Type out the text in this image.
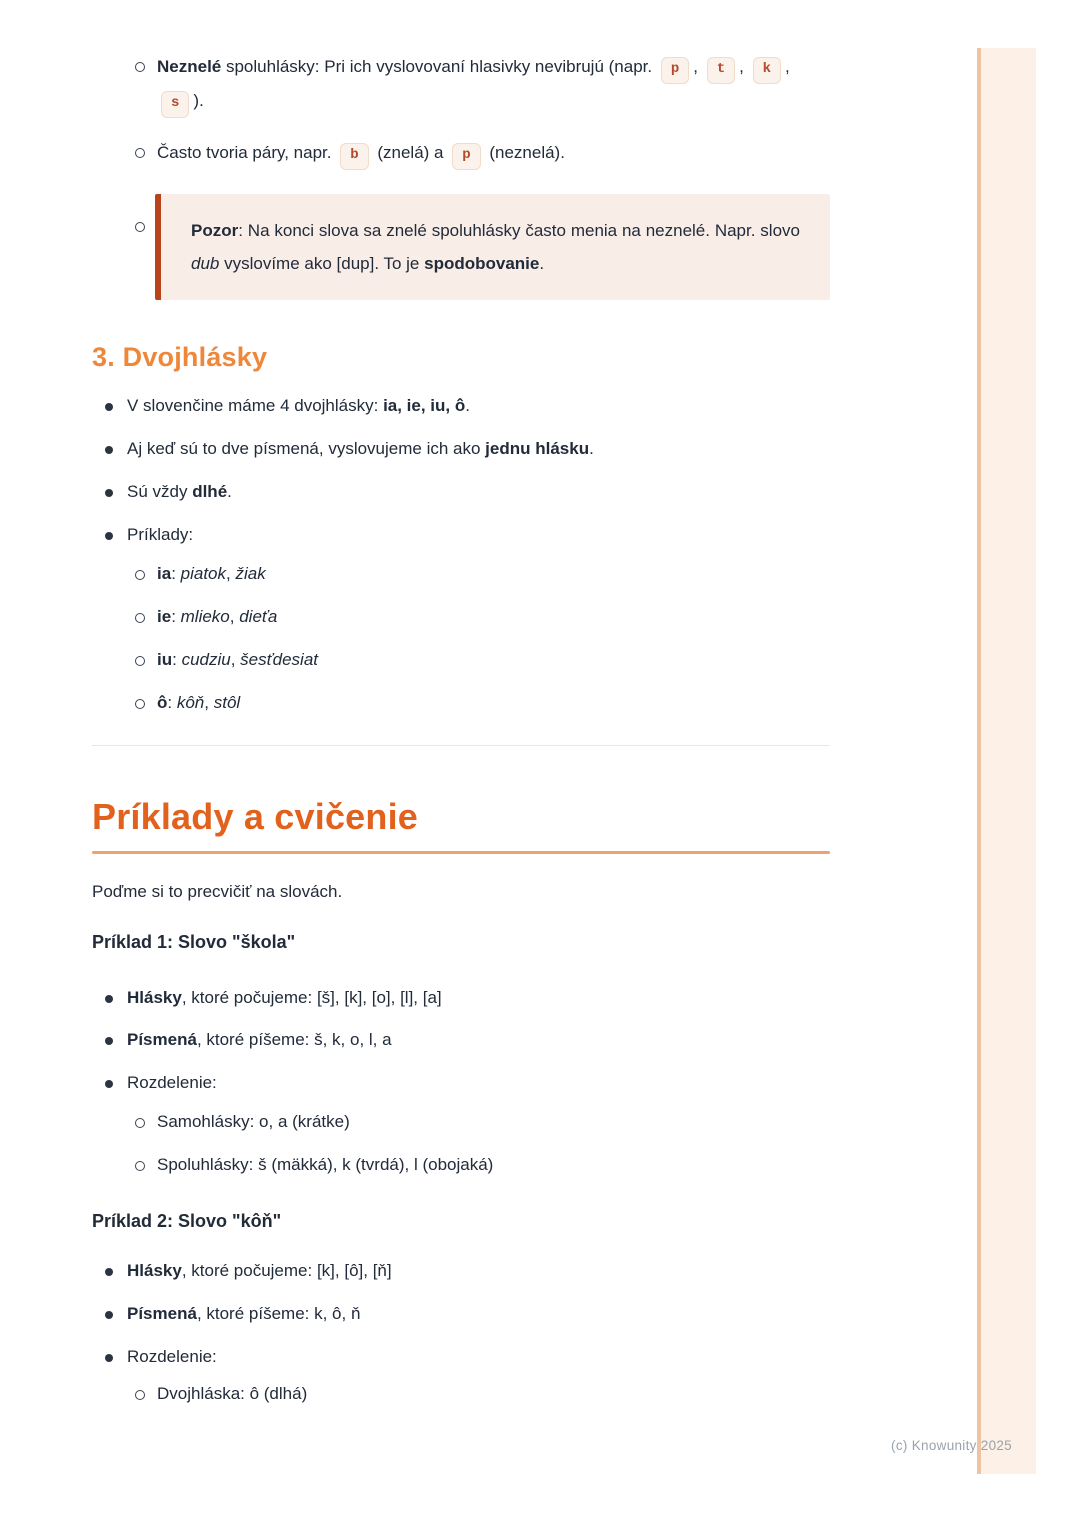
Neznelé spoluhlásky: Pri ich vyslovovaní hlasivky nevibrujú (napr. p , t , k , s ).
Často tvoria páry, napr. b (znelá) a p (neznelá).

Pozor: Na konci slova sa znelé spoluhlásky často menia na neznelé. Napr. slovo dub vyslovíme ako [dup]. To je spodobovanie.

3. Dvojhlásky
V slovenčine máme 4 dvojhlásky: ia, ie, iu, ô.
Aj keď sú to dve písmená, vyslovujeme ich ako jednu hlásku.
Sú vždy dlhé.
Príklady:
ia: piatok, žiak
ie: mlieko, dieťa
iu: cudziu, šesťdesiat
ô: kôň, stôl
Príklady a cvičenie

Poďme si to precvičiť na slovách.

Príklad 1: Slovo "škola"

Hlásky, ktoré počujeme: [š], [k], [o], [l], [a]
Písmená, ktoré píšeme: š, k, o, l, a
Rozdelenie:
Samohlásky: o, a (krátke)
Spoluhlásky: š (mäkká), k (tvrdá), l (obojaká)

Príklad 2: Slovo "kôň"

Hlásky, ktoré počujeme: [k], [ô], [ň]
Písmená, ktoré píšeme: k, ô, ň
Rozdelenie:
Dvojhláska: ô (dlhá)
(c) Knowunity 2025
